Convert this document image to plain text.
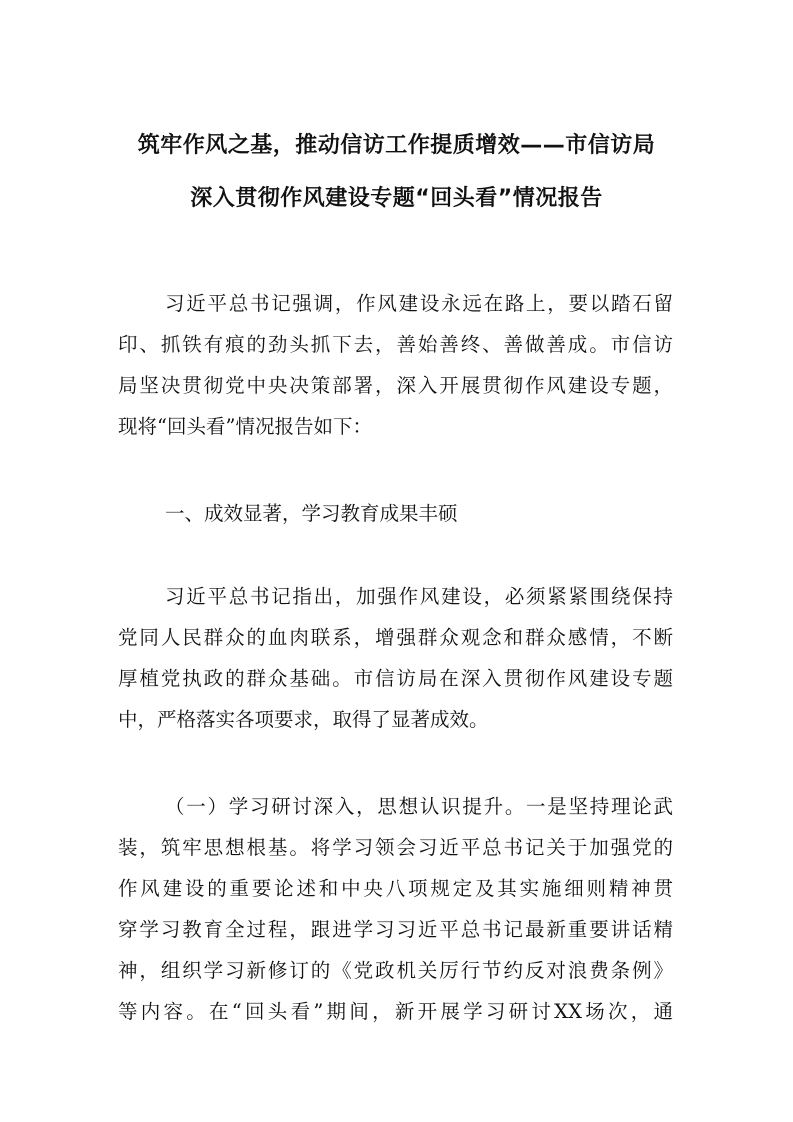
筑牢作风之基，推动信访工作提质增效——市信访局
深入贯彻作风建设专题“回头看”情况报告
习近平总书记强调，作风建设永远在路上，要以踏石留
印、抓铁有痕的劲头抓下去，善始善终、善做善成。市信访
局坚决贯彻党中央决策部署，深入开展贯彻作风建设专题，
现将“回头看”情况报告如下：
一、成效显著，学习教育成果丰硕
习近平总书记指出，加强作风建设，必须紧紧围绕保持
党同人民群众的血肉联系，增强群众观念和群众感情，不断
厚植党执政的群众基础。市信访局在深入贯彻作风建设专题
中，严格落实各项要求，取得了显著成效。
（一）学习研讨深入，思想认识提升。一是坚持理论武
装，筑牢思想根基。将学习领会习近平总书记关于加强党的
作风建设的重要论述和中央八项规定及其实施细则精神贯
穿学习教育全过程，跟进学习习近平总书记最新重要讲话精
神，组织学习新修订的《党政机关厉行节约反对浪费条例》
等内容。在“回头看”期间，新开展学习研讨XX场次，通
